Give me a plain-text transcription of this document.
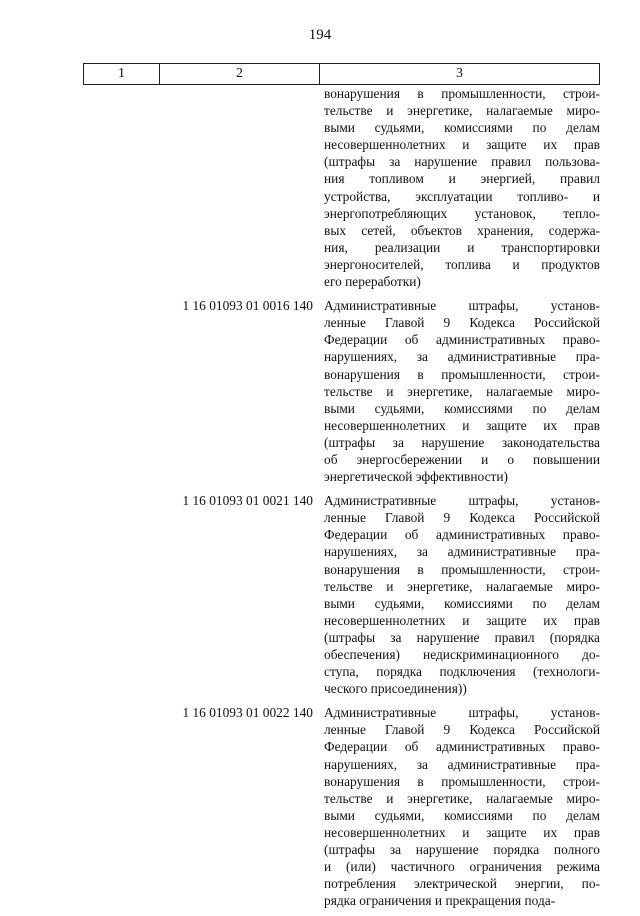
194
1	2	3
вонарушения в промышленности, строи-
тельстве и энергетике, налагаемые миро-
выми судьями, комиссиями по делам
несовершеннолетних и защите их прав
(штрафы за нарушение правил пользова-
ния топливом и энергией, правил
устройства, эксплуатации топливо- и
энергопотребляющих установок, тепло-
вых сетей, объектов хранения, содержа-
ния, реализации и транспортировки
энергоносителей, топлива и продуктов
его переработки)
1 16 01093 01 0016 140 Административные штрафы, установ-
ленные Главой 9 Кодекса Российской
Федерации об административных право-
нарушениях, за административные пра-
вонарушения в промышленности, строи-
тельстве и энергетике, налагаемые миро-
выми судьями, комиссиями по делам
несовершеннолетних и защите их прав
(штрафы за нарушение законодательства
об энергосбережении и о повышении
энергетической эффективности)
1 16 01093 01 0021 140 Административные штрафы, установ-
ленные Главой 9 Кодекса Российской
Федерации об административных право-
нарушениях, за административные пра-
вонарушения в промышленности, строи-
тельстве и энергетике, налагаемые миро-
выми судьями, комиссиями по делам
несовершеннолетних и защите их прав
(штрафы за нарушение правил (порядка
обеспечения) недискриминационного до-
ступа, порядка подключения (технологи-
ческого присоединения))
1 16 01093 01 0022 140 Административные штрафы, установ-
ленные Главой 9 Кодекса Российской
Федерации об административных право-
нарушениях, за административные пра-
вонарушения в промышленности, строи-
тельстве и энергетике, налагаемые миро-
выми судьями, комиссиями по делам
несовершеннолетних и защите их прав
(штрафы за нарушение порядка полного
и (или) частичного ограничения режима
потребления электрической энергии, по-
рядка ограничения и прекращения пода-
